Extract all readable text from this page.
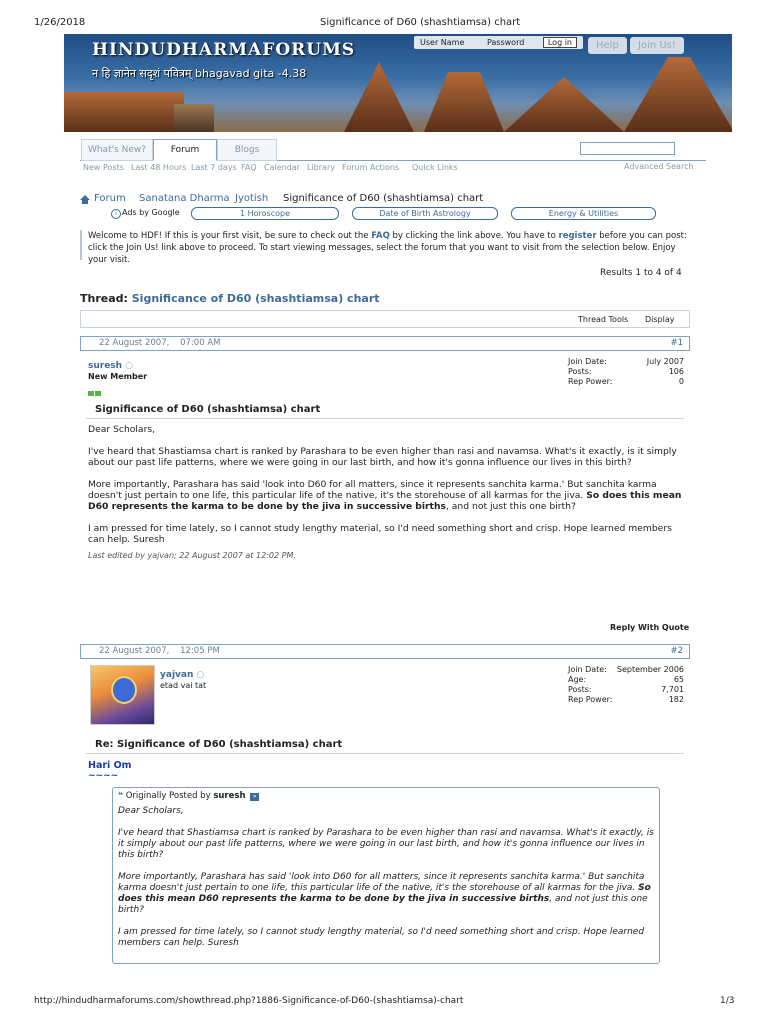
1/26/2018	Significance of D60 (shashtiamsa) chart
HINDUDHARMAFORUMS
न हि ज्ञानेन सदृशं पवित्रम् bhagavad gita -4.38
User Name	Password	Log in	Help	Join Us!
What's New?	Forum	Blogs
New Posts Last 48 Hours Last 7 days FAQ Calendar Library Forum Actions Quick Links	Advanced Search
Forum Sanatana Dharma Jyotish Significance of D60 (shashtiamsa) chart
i Ads by Google	1 Horoscope	Date of Birth Astrology	Energy & Utilities
Welcome to HDF! If this is your first visit, be sure to check out the FAQ by clicking the link above. You have to register before you can post: click the Join Us! link above to proceed. To start viewing messages, select the forum that you want to visit from the selection below. Enjoy your visit.
Results 1 to 4 of 4
Thread: Significance of D60 (shashtiamsa) chart
Thread Tools Display
22 August 2007, 07:00 AM	#1
suresh ○
New Member
Join Date:	July 2007
Posts:	106
Rep Power:	0
Significance of D60 (shashtiamsa) chart

Dear Scholars,

I've heard that Shastiamsa chart is ranked by Parashara to be even higher than rasi and navamsa. What's it exactly, is it simply about our past life patterns, where we were going in our last birth, and how it's gonna influence our lives in this birth?

More importantly, Parashara has said 'look into D60 for all matters, since it represents sanchita karma.' But sanchita karma doesn't just pertain to one life, this particular life of the native, it's the storehouse of all karmas for the jiva. So does this mean D60 represents the karma to be done by the jiva in successive births, and not just this one birth?

I am pressed for time lately, so I cannot study lengthy material, so I'd need something short and crisp. Hope learned members can help. Suresh

Last edited by yajvan; 22 August 2007 at 12:02 PM.
Reply With Quote
22 August 2007, 12:05 PM	#2
yajvan ○
etad vai tat
Join Date: September 2006
Age:	65
Posts:	7,701
Rep Power:	182
Re: Significance of D60 (shashtiamsa) chart
Hari Om
~~~~
❝ Originally Posted by suresh »

Dear Scholars,

I've heard that Shastiamsa chart is ranked by Parashara to be even higher than rasi and navamsa. What's it exactly, is it simply about our past life patterns, where we were going in our last birth, and how it's gonna influence our lives in this birth?

More importantly, Parashara has said 'look into D60 for all matters, since it represents sanchita karma.' But sanchita karma doesn't just pertain to one life, this particular life of the native, it's the storehouse of all karmas for the jiva. So does this mean D60 represents the karma to be done by the jiva in successive births, and not just this one birth?

I am pressed for time lately, so I cannot study lengthy material, so I'd need something short and crisp. Hope learned members can help. Suresh

http://hindudharmaforums.com/showthread.php?1886-Significance-of-D60-(shashtiamsa)-chart	1/3
